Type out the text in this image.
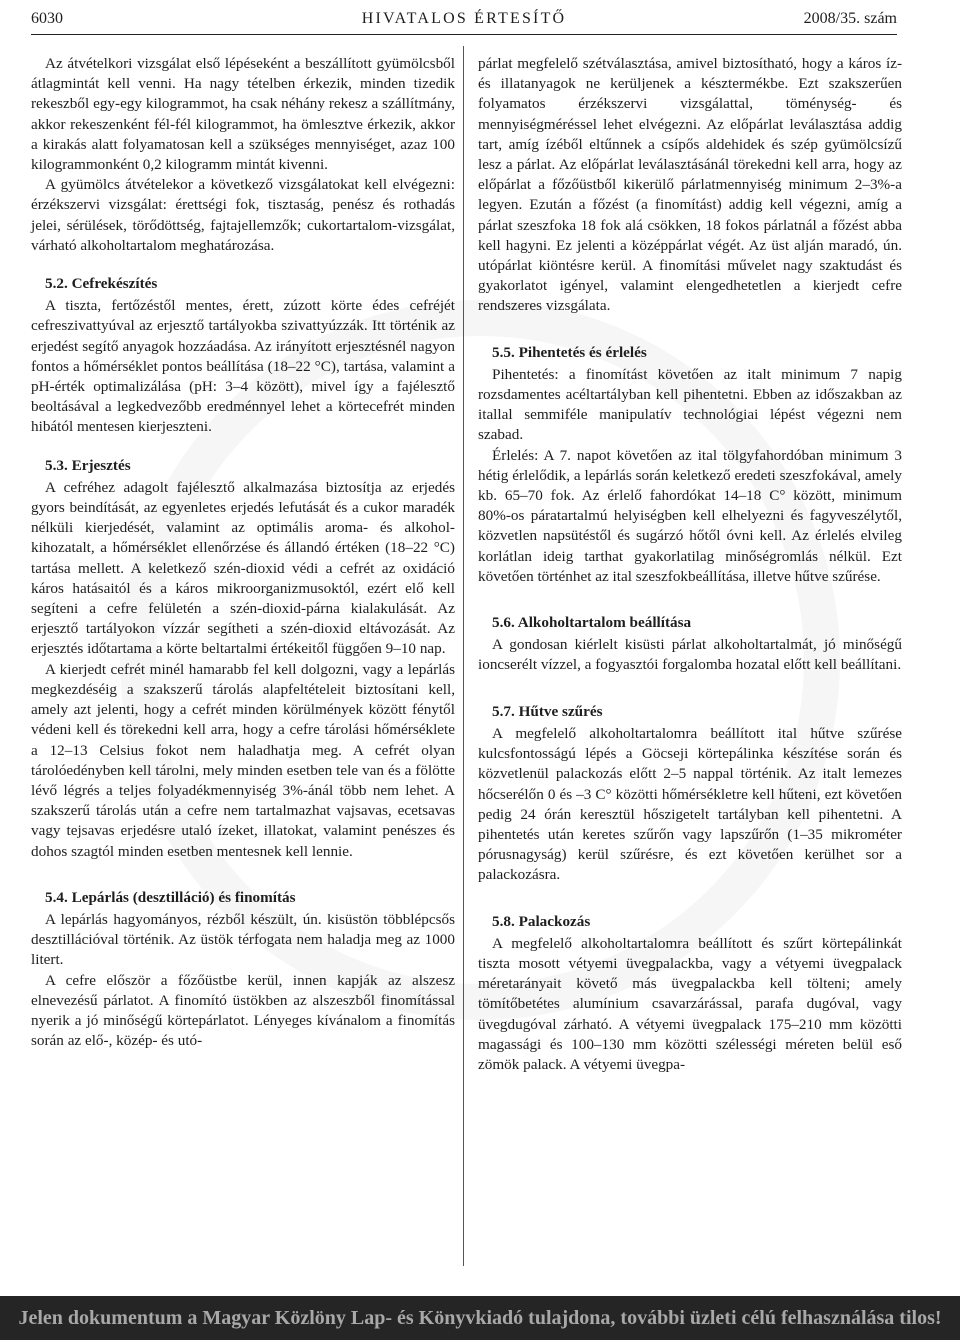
6030	HIVATALOS ÉRTESÍTŐ	2008/35. szám

Az átvételkori vizsgálat első lépéseként a beszállított gyümölcsből átlagmintát kell venni. Ha nagy tételben érkezik, minden tizedik rekeszből egy-egy kilogrammot, ha csak néhány rekesz a szállítmány, akkor rekeszenként fél-fél kilogrammot, ha ömlesztve érkezik, akkor a kirakás alatt folyamatosan kell a szükséges mennyiséget, azaz 100 kilogrammonként 0,2 kilogramm mintát kivenni.

A gyümölcs átvételekor a következő vizsgálatokat kell elvégezni: érzékszervi vizsgálat: érettségi fok, tisztaság, penész és rothadás jelei, sérülések, törődöttség, fajtajellemzők; cukortartalom-vizsgálat, várható alkoholtartalom meghatározása.

5.2. Cefrekészítés

A tiszta, fertőzéstől mentes, érett, zúzott körte édes cefréjét cefreszivattyúval az erjesztő tartályokba szivattyúzzák. Itt történik az erjedést segítő anyagok hozzáadása. Az irányított erjesztésnél nagyon fontos a hőmérséklet pontos beállítása (18–22 °C), tartása, valamint a pH-érték optimalizálása (pH: 3–4 között), mivel így a fajélesztő beoltásával a legkedvezőbb eredménnyel lehet a körtecefrét minden hibától mentesen kierjeszteni.

5.3. Erjesztés

A cefréhez adagolt fajélesztő alkalmazása biztosítja az erjedés gyors beindítását, az egyenletes erjedés lefutását és a cukor maradék nélküli kierjedését, valamint az optimális aroma- és alkohol-kihozatalt, a hőmérséklet ellenőrzése és állandó értéken (18–22 °C) tartása mellett. A keletkező szén-dioxid védi a cefrét az oxidáció káros hatásaitól és a káros mikroorganizmusoktól, ezért elő kell segíteni a cefre felületén a szén-dioxid-párna kialakulását. Az erjesztő tartályokon vízzár segítheti a szén-dioxid eltávozását. Az erjesztés időtartama a körte beltartalmi értékeitől függően 9–10 nap.

A kierjedt cefrét minél hamarabb fel kell dolgozni, vagy a lepárlás megkezdéséig a szakszerű tárolás alapfeltételeit biztosítani kell, amely azt jelenti, hogy a cefrét minden körülmények között fénytől védeni kell és törekedni kell arra, hogy a cefre tárolási hőmérséklete a 12–13 Celsius fokot nem haladhatja meg. A cefrét olyan tárolóedényben kell tárolni, mely minden esetben tele van és a fölötte lévő légrés a teljes folyadékmennyiség 3%-ánál több nem lehet. A szakszerű tárolás után a cefre nem tartalmazhat vajsavas, ecetsavas vagy tejsavas erjedésre utaló ízeket, illatokat, valamint penészes és dohos szagtól minden esetben mentesnek kell lennie.

5.4. Lepárlás (desztilláció) és finomítás

A lepárlás hagyományos, rézből készült, ún. kisüstön többlépcsős desztillációval történik. Az üstök térfogata nem haladja meg az 1000 litert.

A cefre először a főzőüstbe kerül, innen kapják az alszesz elnevezésű párlatot. A finomító üstökben az alszeszből finomítással nyerik a jó minőségű körtepárlatot. Lényeges kívánalom a finomítás során az elő-, közép- és utó-

párlat megfelelő szétválasztása, amivel biztosítható, hogy a káros íz- és illatanyagok ne kerüljenek a késztermékbe. Ezt szakszerűen folyamatos érzékszervi vizsgálattal, töménység- és mennyiségméréssel lehet elvégezni. Az előpárlat leválasztása addig tart, amíg ízéből eltűnnek a csípős aldehidek és szép gyümölcsízű lesz a párlat. Az előpárlat leválasztásánál törekedni kell arra, hogy az előpárlat a főzőüstből kikerülő párlatmennyiség minimum 2–3%-a legyen. Ezután a főzést (a finomítást) addig kell végezni, amíg a párlat szeszfoka 18 fok alá csökken, 18 fokos párlatnál a főzést abba kell hagyni. Ez jelenti a középpárlat végét. Az üst alján maradó, ún. utópárlat kiöntésre kerül. A finomítási művelet nagy szaktudást és gyakorlatot igényel, valamint elengedhetetlen a kierjedt cefre rendszeres vizsgálata.

5.5. Pihentetés és érlelés

Pihentetés: a finomítást követően az italt minimum 7 napig rozsdamentes acéltartályban kell pihentetni. Ebben az időszakban az itallal semmiféle manipulatív technológiai lépést végezni nem szabad.

Érlelés: A 7. napot követően az ital tölgyfahordóban minimum 3 hétig érlelődik, a lepárlás során keletkező eredeti szeszfokával, amely kb. 65–70 fok. Az érlelő fahordókat 14–18 C° között, minimum 80%-os páratartalmú helyiségben kell elhelyezni és fagyveszélytől, közvetlen napsütéstől és sugárzó hőtől óvni kell. Az érlelés elvileg korlátlan ideig tarthat gyakorlatilag minőségromlás nélkül. Ezt követően történhet az ital szeszfokbeállítása, illetve hűtve szűrése.

5.6. Alkoholtartalom beállítása

A gondosan kiérlelt kisüsti párlat alkoholtartalmát, jó minőségű ioncserélt vízzel, a fogyasztói forgalomba hozatal előtt kell beállítani.

5.7. Hűtve szűrés

A megfelelő alkoholtartalomra beállított ital hűtve szűrése kulcsfontosságú lépés a Göcseji körtepálinka készítése során és közvetlenül palackozás előtt 2–5 nappal történik. Az italt lemezes hőcserélőn 0 és –3 C° közötti hőmérsékletre kell hűteni, ezt követően pedig 24 órán keresztül hőszigetelt tartályban kell pihentetni. A pihentetés után keretes szűrőn vagy lapszűrőn (1–35 mikrométer pórusnagyság) kerül szűrésre, és ezt követően kerülhet sor a palackozásra.

5.8. Palackozás

A megfelelő alkoholtartalomra beállított és szűrt körtepálinkát tiszta mosott vétyemi üvegpalackba, vagy a vétyemi üvegpalack méretarányait követő más üvegpalackba kell tölteni; amely tömítőbetétes alumínium csavarzárással, parafa dugóval, vagy üvegdugóval zárható. A vétyemi üvegpalack 175–210 mm közötti magassági és 100–130 mm közötti szélességi méreten belül eső zömök palack. A vétyemi üvegpa-

Jelen dokumentum a Magyar Közlöny Lap- és Könyvkiadó tulajdona, további üzleti célú felhasználása tilos!
